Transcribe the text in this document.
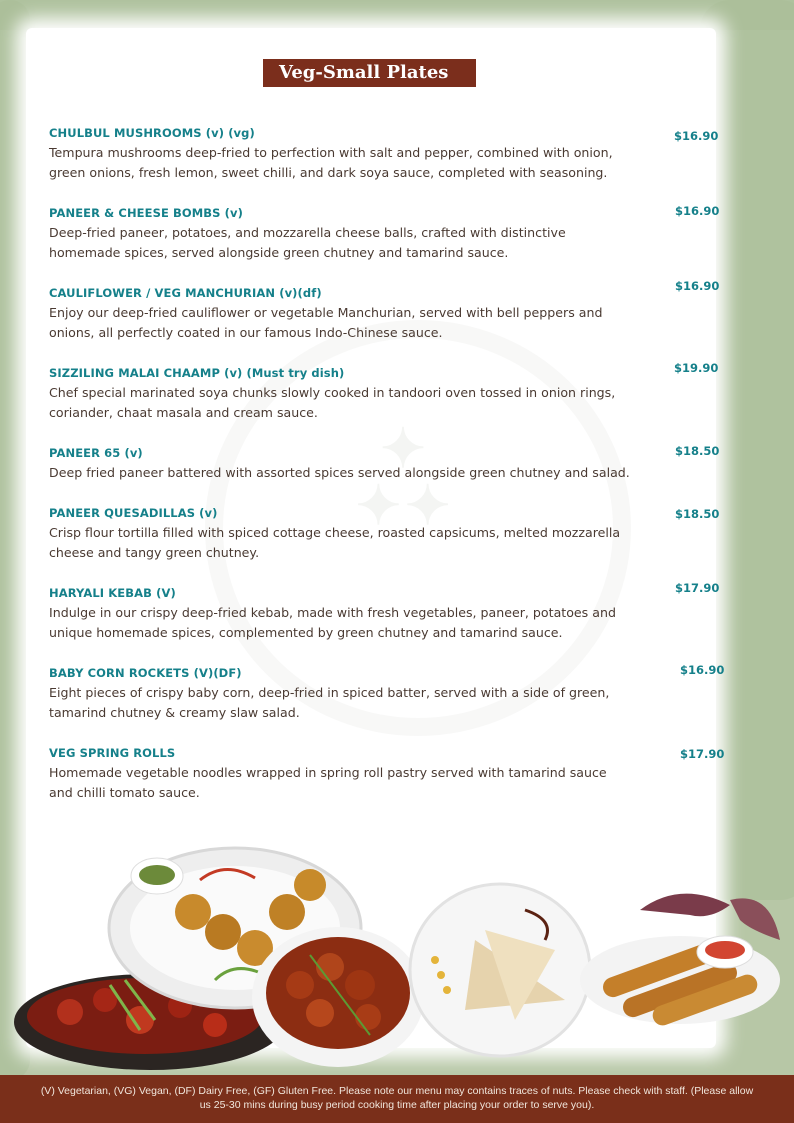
✦
✦✦
Veg-Small Plates
CHULBUL MUSHROOMS (v) (vg)
Tempura mushrooms deep-fried to perfection with salt and pepper, combined with onion,
green onions, fresh lemon, sweet chilli, and dark soya sauce, completed with seasoning.
$16.90
PANEER & CHEESE BOMBS (v)
Deep-fried paneer, potatoes, and mozzarella cheese balls, crafted with distinctive
homemade spices, served alongside green chutney and tamarind sauce.
$16.90
CAULIFLOWER / VEG MANCHURIAN (v)(df)
Enjoy our deep-fried cauliflower or vegetable Manchurian, served with bell peppers and
onions, all perfectly coated in our famous Indo-Chinese sauce.
$16.90
SIZZILING MALAI CHAAMP (v) (Must try dish)
Chef special marinated soya chunks slowly cooked in tandoori oven tossed in onion rings,
coriander, chaat masala and cream sauce.
$19.90
PANEER 65 (v)
Deep fried paneer battered with assorted spices served alongside green chutney and salad.
$18.50
PANEER QUESADILLAS (v)
Crisp flour tortilla filled with spiced cottage cheese, roasted capsicums, melted mozzarella
cheese and tangy green chutney.
$18.50
HARYALI KEBAB (V)
Indulge in our crispy deep-fried kebab, made with fresh vegetables, paneer, potatoes and
unique homemade spices, complemented by green chutney and tamarind sauce.
$17.90
BABY CORN ROCKETS (V)(DF)
Eight pieces of crispy baby corn, deep-fried in spiced batter, served with a side of green,
tamarind chutney & creamy slaw salad.
$16.90
VEG SPRING ROLLS
Homemade vegetable noodles wrapped in spring roll pastry served with tamarind sauce
and chilli tomato sauce.
$17.90
(V) Vegetarian, (VG) Vegan, (DF) Dairy Free, (GF) Gluten Free. Please note our menu may contains traces of nuts. Please check with staff. (Please allow us 25-30 mins during busy period cooking time after placing your order to serve you).
